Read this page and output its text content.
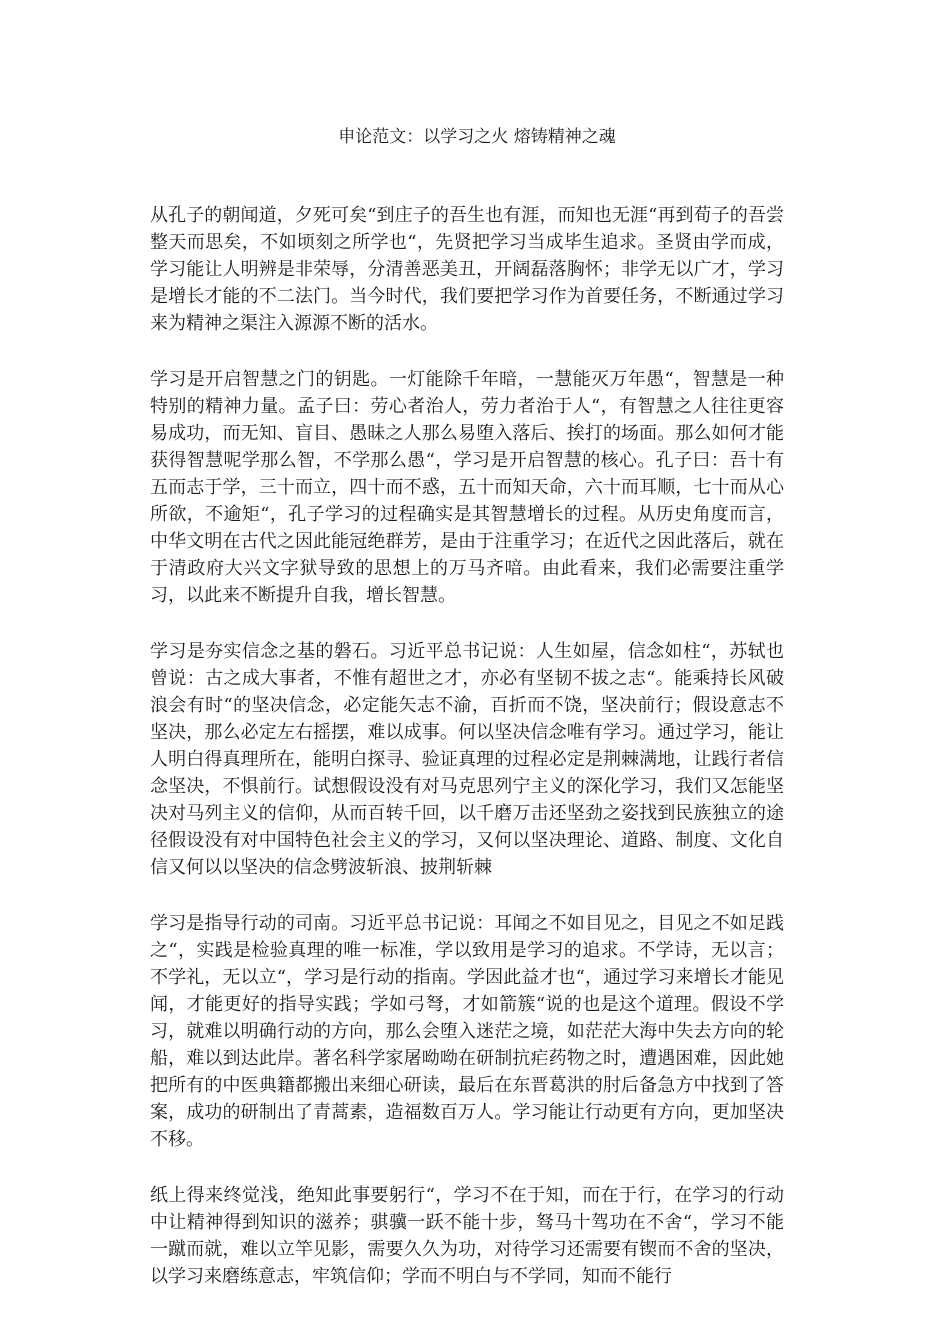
申论范文：以学习之火 熔铸精神之魂

从孔子的朝闻道，夕死可矣“到庄子的吾生也有涯，而知也无涯“再到荀子的吾尝整天而思矣，不如顷刻之所学也“，先贤把学习当成毕生追求。圣贤由学而成，学习能让人明辨是非荣辱，分清善恶美丑，开阔磊落胸怀；非学无以广才，学习是增长才能的不二法门。当今时代，我们要把学习作为首要任务，不断通过学习来为精神之渠注入源源不断的活水。

学习是开启智慧之门的钥匙。一灯能除千年暗，一慧能灭万年愚“，智慧是一种特别的精神力量。孟子曰：劳心者治人，劳力者治于人“，有智慧之人往往更容易成功，而无知、盲目、愚昧之人那么易堕入落后、挨打的场面。那么如何才能获得智慧呢学那么智，不学那么愚“，学习是开启智慧的核心。孔子曰：吾十有五而志于学，三十而立，四十而不惑，五十而知天命，六十而耳顺，七十而从心所欲，不逾矩“，孔子学习的过程确实是其智慧增长的过程。从历史角度而言，中华文明在古代之因此能冠绝群芳，是由于注重学习；在近代之因此落后，就在于清政府大兴文字狱导致的思想上的万马齐喑。由此看来，我们必需要注重学习，以此来不断提升自我，增长智慧。

学习是夯实信念之基的磐石。习近平总书记说：人生如屋，信念如柱“，苏轼也曾说：古之成大事者，不惟有超世之才，亦必有坚韧不拔之志“。能乘持长风破浪会有时“的坚决信念，必定能矢志不渝，百折而不饶，坚决前行；假设意志不坚决，那么必定左右摇摆，难以成事。何以坚决信念唯有学习。通过学习，能让人明白得真理所在，能明白探寻、验证真理的过程必定是荆棘满地，让践行者信念坚决，不惧前行。试想假设没有对马克思列宁主义的深化学习，我们又怎能坚决对马列主义的信仰，从而百转千回，以千磨万击还坚劲之姿找到民族独立的途径假设没有对中国特色社会主义的学习，又何以坚决理论、道路、制度、文化自信又何以以坚决的信念劈波斩浪、披荆斩棘

学习是指导行动的司南。习近平总书记说：耳闻之不如目见之，目见之不如足践之“，实践是检验真理的唯一标准，学以致用是学习的追求。不学诗，无以言；不学礼，无以立“，学习是行动的指南。学因此益才也“，通过学习来增长才能见闻，才能更好的指导实践；学如弓弩，才如箭簇“说的也是这个道理。假设不学习，就难以明确行动的方向，那么会堕入迷茫之境，如茫茫大海中失去方向的轮船，难以到达此岸。著名科学家屠呦呦在研制抗疟药物之时，遭遇困难，因此她把所有的中医典籍都搬出来细心研读，最后在东晋葛洪的肘后备急方中找到了答案，成功的研制出了青蒿素，造福数百万人。学习能让行动更有方向，更加坚决不移。

纸上得来终觉浅，绝知此事要躬行“，学习不在于知，而在于行，在学习的行动中让精神得到知识的滋养；骐骥一跃不能十步，驽马十驾功在不舍“，学习不能一蹴而就，难以立竿见影，需要久久为功，对待学习还需要有锲而不舍的坚决，以学习来磨练意志，牢筑信仰；学而不明白与不学同，知而不能行
